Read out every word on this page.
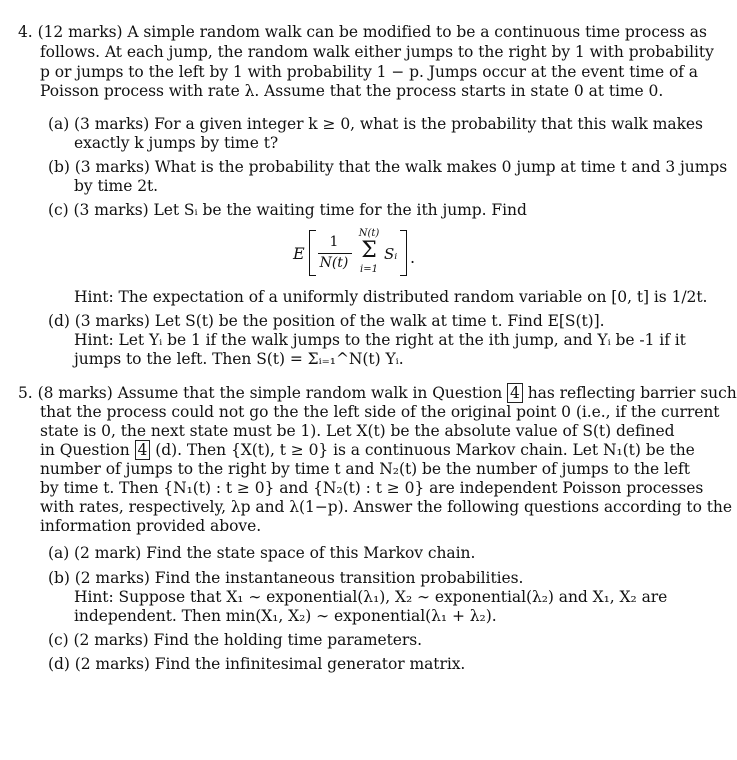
4. (12 marks) A simple random walk can be modified to be a continuous time process as
follows. At each jump, the random walk either jumps to the right by 1 with probability
p or jumps to the left by 1 with probability 1 − p. Jumps occur at the event time of a
Poisson process with rate λ. Assume that the process starts in state 0 at time 0.
(a) (3 marks) For a given integer k ≥ 0, what is the probability that this walk makes
exactly k jumps by time t?
(b) (3 marks) What is the probability that the walk makes 0 jump at time t and 3 jumps
by time 2t.
(c) (3 marks) Let Sᵢ be the waiting time for the ith jump. Find
E
1
N(t)
N(t)
Σ
i=1
Sᵢ .
Hint: The expectation of a uniformly distributed random variable on [0, t] is 1/2t.
(d) (3 marks) Let S(t) be the position of the walk at time t. Find E[S(t)].
Hint: Let Yᵢ be 1 if the walk jumps to the right at the ith jump, and Yᵢ be -1 if it
jumps to the left. Then S(t) = Σᵢ₌₁^N(t) Yᵢ.
5. (8 marks) Assume that the simple random walk in Question 4 has reflecting barrier such
that the process could not go the the left side of the original point 0 (i.e., if the current
state is 0, the next state must be 1). Let X(t) be the absolute value of S(t) defined
in Question 4 (d). Then {X(t), t ≥ 0} is a continuous Markov chain. Let N₁(t) be the
number of jumps to the right by time t and N₂(t) be the number of jumps to the left
by time t. Then {N₁(t) : t ≥ 0} and {N₂(t) : t ≥ 0} are independent Poisson processes
with rates, respectively, λp and λ(1−p). Answer the following questions according to the
information provided above.
(a) (2 mark) Find the state space of this Markov chain.
(b) (2 marks) Find the instantaneous transition probabilities.
Hint: Suppose that X₁ ∼ exponential(λ₁), X₂ ∼ exponential(λ₂) and X₁, X₂ are
independent. Then min(X₁, X₂) ∼ exponential(λ₁ + λ₂).
(c) (2 marks) Find the holding time parameters.
(d) (2 marks) Find the infinitesimal generator matrix.
